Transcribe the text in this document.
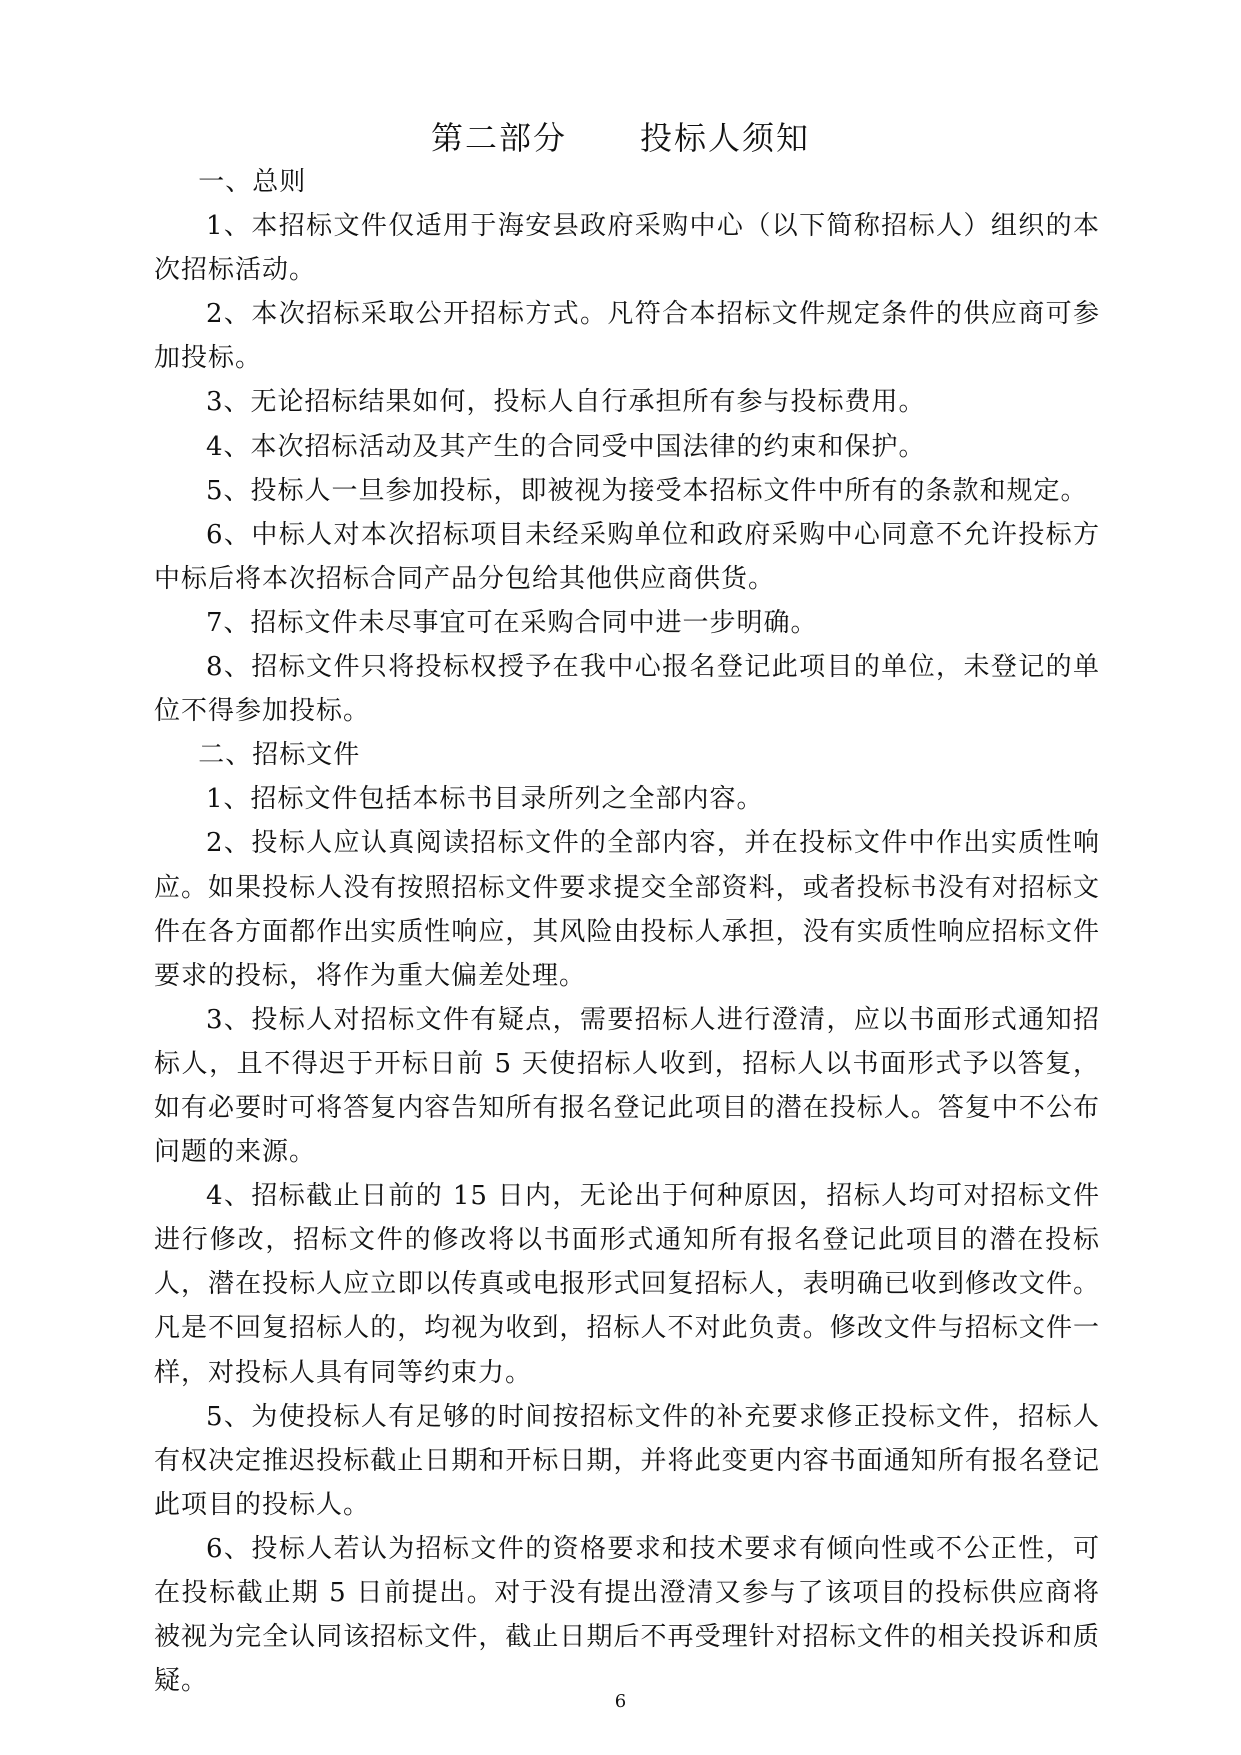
第二部分      投标人须知

一、总则

1、本招标文件仅适用于海安县政府采购中心（以下简称招标人）组织的本次招标活动。

2、本次招标采取公开招标方式。凡符合本招标文件规定条件的供应商可参加投标。

3、无论招标结果如何，投标人自行承担所有参与投标费用。

4、本次招标活动及其产生的合同受中国法律的约束和保护。

5、投标人一旦参加投标，即被视为接受本招标文件中所有的条款和规定。

6、中标人对本次招标项目未经采购单位和政府采购中心同意不允许投标方中标后将本次招标合同产品分包给其他供应商供货。

7、招标文件未尽事宜可在采购合同中进一步明确。

8、招标文件只将投标权授予在我中心报名登记此项目的单位，未登记的单位不得参加投标。

二、招标文件

1、招标文件包括本标书目录所列之全部内容。

2、投标人应认真阅读招标文件的全部内容，并在投标文件中作出实质性响应。如果投标人没有按照招标文件要求提交全部资料，或者投标书没有对招标文件在各方面都作出实质性响应，其风险由投标人承担，没有实质性响应招标文件要求的投标，将作为重大偏差处理。

3、投标人对招标文件有疑点，需要招标人进行澄清，应以书面形式通知招标人，且不得迟于开标日前 5 天使招标人收到，招标人以书面形式予以答复，如有必要时可将答复内容告知所有报名登记此项目的潜在投标人。答复中不公布问题的来源。

4、招标截止日前的 15 日内，无论出于何种原因，招标人均可对招标文件进行修改，招标文件的修改将以书面形式通知所有报名登记此项目的潜在投标人，潜在投标人应立即以传真或电报形式回复招标人，表明确已收到修改文件。凡是不回复招标人的，均视为收到，招标人不对此负责。修改文件与招标文件一样，对投标人具有同等约束力。

5、为使投标人有足够的时间按招标文件的补充要求修正投标文件，招标人有权决定推迟投标截止日期和开标日期，并将此变更内容书面通知所有报名登记此项目的投标人。

6、投标人若认为招标文件的资格要求和技术要求有倾向性或不公正性，可在投标截止期 5 日前提出。对于没有提出澄清又参与了该项目的投标供应商将被视为完全认同该招标文件，截止日期后不再受理针对招标文件的相关投诉和质疑。

6
